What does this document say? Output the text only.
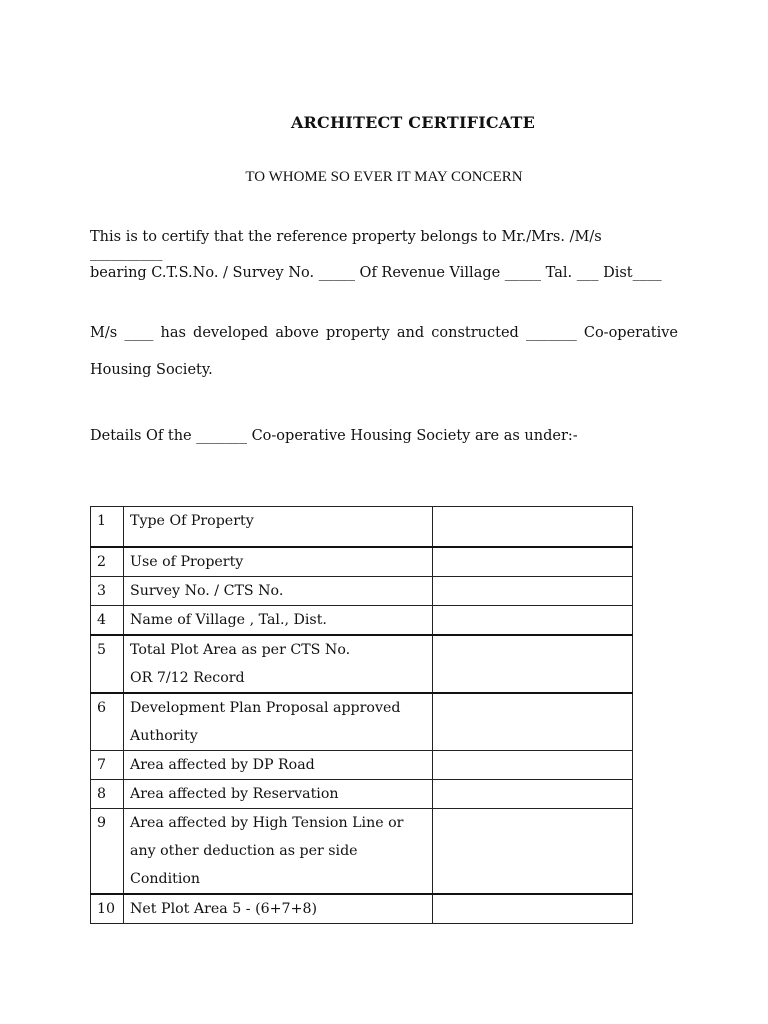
ARCHITECT CERTIFICATE
TO WHOME SO EVER IT MAY CONCERN
This is to certify that the reference property belongs to Mr./Mrs. /M/s __________
bearing C.T.S.No. / Survey No. _____ Of Revenue Village _____ Tal. ___ Dist____
M/s ____ has developed above property and constructed _______ Co-operative
Housing Society.
Details Of the _______ Co-operative Housing Society are as under:-
1	Type Of Property	
2	Use of Property	
3	Survey No. / CTS No.	
4	Name of Village , Tal., Dist.	
5	Total Plot Area as per CTS No.
OR 7/12 Record	
6	Development Plan Proposal approved
Authority	
7	Area affected by DP Road	
8	Area affected by Reservation	
9	Area affected by High Tension Line or
any other deduction as per side
Condition	
10	Net Plot Area 5 - (6+7+8)	
